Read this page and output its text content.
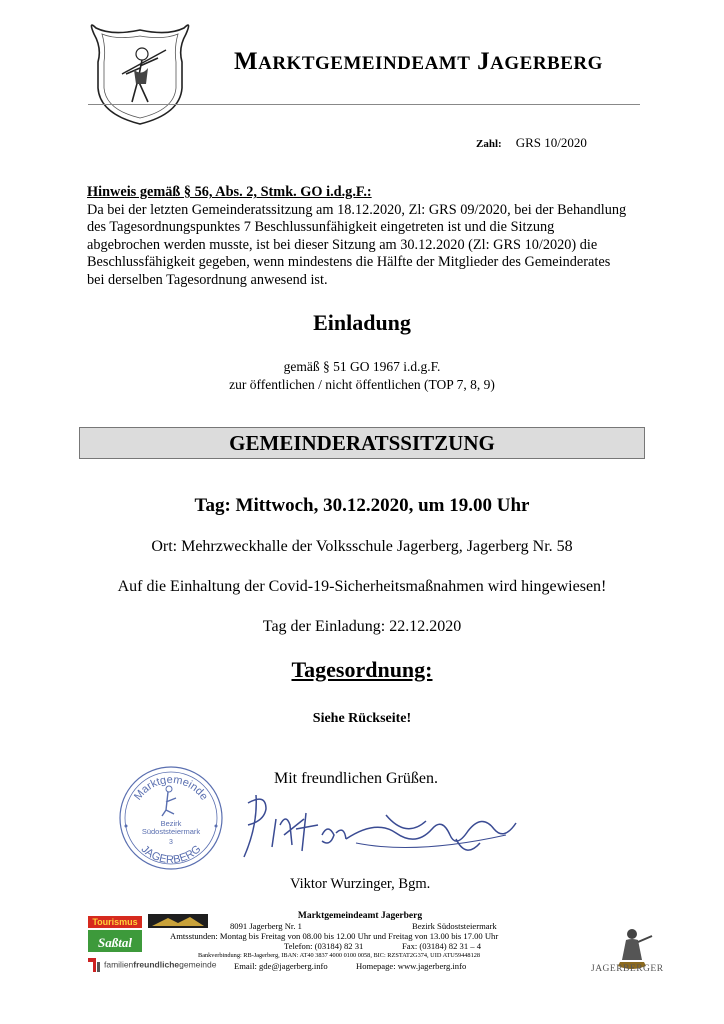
MARKTGEMEINDEAMT JAGERBERG
Zahl: GRS 10/2020
Hinweis gemäß § 56, Abs. 2, Stmk. GO i.d.g.F.:
Da bei der letzten Gemeinderatssitzung am 18.12.2020, Zl: GRS 09/2020, bei der Behandlung
des Tagesordnungspunktes 7 Beschlussunfähigkeit eingetreten ist und die Sitzung
abgebrochen werden musste, ist bei dieser Sitzung am 30.12.2020 (Zl: GRS 10/2020) die
Beschlussfähigkeit gegeben, wenn mindestens die Hälfte der Mitglieder des Gemeinderates
bei derselben Tagesordnung anwesend ist.
Einladung
gemäß § 51 GO 1967 i.d.g.F.
zur öffentlichen / nicht öffentlichen (TOP 7, 8, 9)
GEMEINDERATSSITZUNG
Tag: Mittwoch, 30.12.2020, um 19.00 Uhr
Ort: Mehrzweckhalle der Volksschule Jagerberg, Jagerberg Nr. 58
Auf die Einhaltung der Covid-19-Sicherheitsmaßnahmen wird hingewiesen!
Tag der Einladung: 22.12.2020
Tagesordnung:
Siehe Rückseite!
Mit freundlichen Grüßen.
Marktgemeinde
JAGERBERG
Bezirk
Südoststeiermark
3
Viktor Wurzinger, Bgm.
Tourismus
Saßtal
familienfreundlichegemeinde	JAGERBERGER
Marktgemeindeamt Jagerberg
8091 Jagerberg Nr. 1	Bezirk Südoststeiermark
Amtsstunden: Montag bis Freitag von 08.00 bis 12.00 Uhr und Freitag von 13.00 bis 17.00 Uhr
Telefon: (03184) 82 31	Fax: (03184) 82 31 – 4
Bankverbindung: RB-Jagerberg, IBAN: AT40 3837 4000 0100 0058, BIC: RZSTAT2G374, UID ATU59448128
Email: gde@jagerberg.info	Homepage: www.jagerberg.info
